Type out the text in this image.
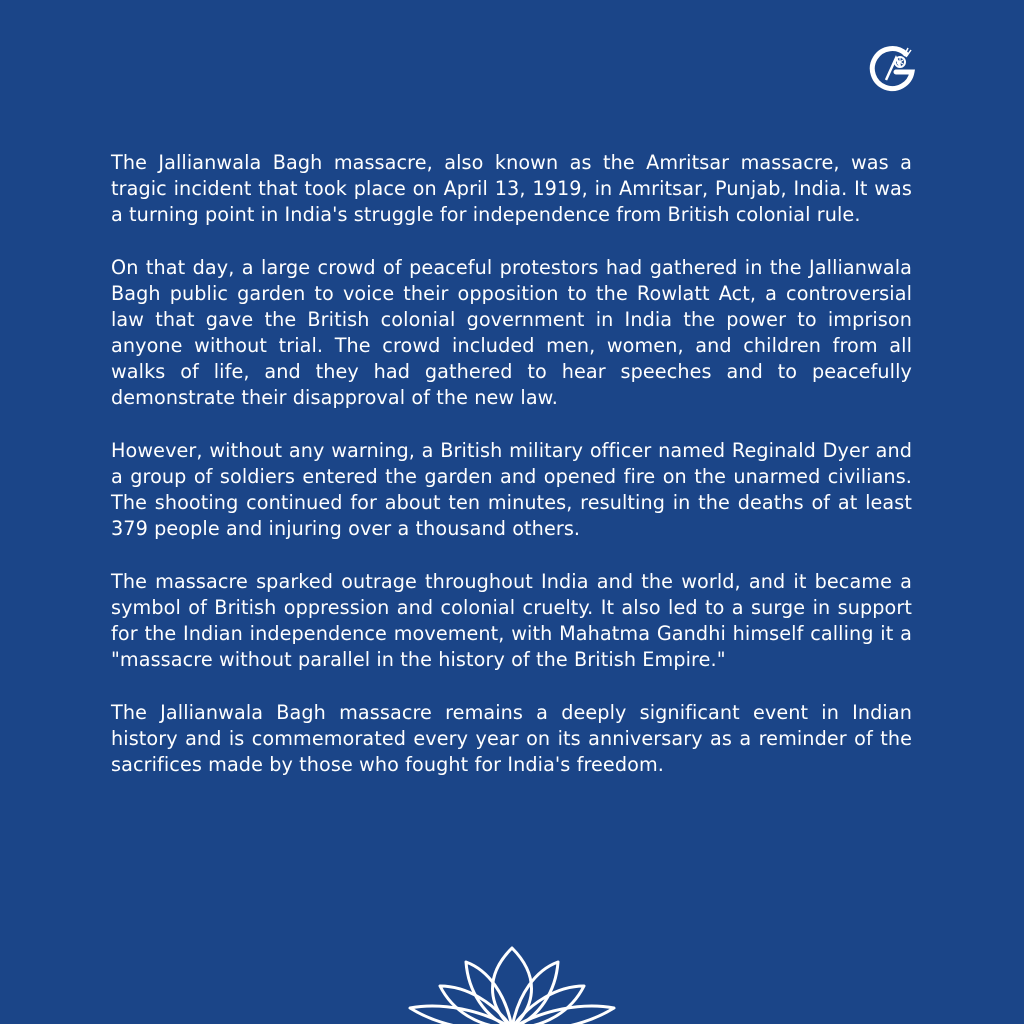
The Jallianwala Bagh massacre, also known as the Amritsar massacre, was a tragic incident that took place on April 13, 1919, in Amritsar, Punjab, India. It was a turning point in India's struggle for independence from British colonial rule.

On that day, a large crowd of peaceful protestors had gathered in the Jallianwala Bagh public garden to voice their opposition to the Rowlatt Act, a controversial law that gave the British colonial government in India the power to imprison anyone without trial. The crowd included men, women, and children from all walks of life, and they had gathered to hear speeches and to peacefully demonstrate their disapproval of the new law.

However, without any warning, a British military officer named Reginald Dyer and a group of soldiers entered the garden and opened fire on the unarmed civilians. The shooting continued for about ten minutes, resulting in the deaths of at least 379 people and injuring over a thousand others.

The massacre sparked outrage throughout India and the world, and it became a symbol of British oppression and colonial cruelty. It also led to a surge in support for the Indian independence movement, with Mahatma Gandhi himself calling it a "massacre without parallel in the history of the British Empire."

The Jallianwala Bagh massacre remains a deeply significant event in Indian history and is commemorated every year on its anniversary as a reminder of the sacrifices made by those who fought for India's freedom.
